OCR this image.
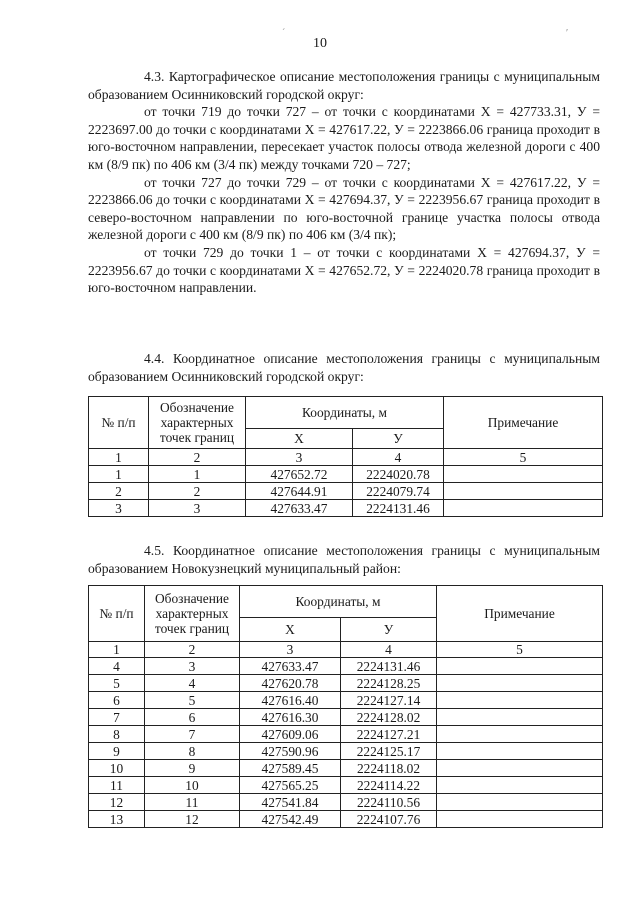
´	ʹ
10

4.3. Картографическое описание местоположения границы с муниципальным образованием Осинниковский городской округ:

от точки 719 до точки 727 – от точки с координатами X = 427733.31, У = 2223697.00 до точки с координатами X = 427617.22, У = 2223866.06 граница проходит в юго-восточном направлении, пересекает участок полосы отвода железной дороги с 400 км (8/9 пк) по 406 км (3/4 пк) между точками 720 – 727;

от точки 727 до точки 729 – от точки с координатами X = 427617.22, У = 2223866.06 до точки с координатами X = 427694.37, У = 2223956.67 граница проходит в северо-восточном направлении по юго-восточной границе участка полосы отвода железной дороги с 400 км (8/9 пк) по 406 км (3/4 пк);

от точки 729 до точки 1 – от точки с координатами X = 427694.37, У = 2223956.67 до точки с координатами X = 427652.72, У = 2224020.78 граница проходит в юго-восточном направлении.

4.4. Координатное описание местоположения границы с муниципальным образованием Осинниковский городской округ:

№ п/п	Обозначение характерных точек границ	Координаты, м		Примечание
		X	У	
1	2	3	4	5
1	1	427652.72	2224020.78	
2	2	427644.91	2224079.74	
3	3	427633.47	2224131.46	

4.5. Координатное описание местоположения границы с муниципальным образованием Новокузнецкий муниципальный район:

№ п/п	Обозначение характерных точек границ	Координаты, м		Примечание
		X	У	
1	2	3	4	5
4	3	427633.47	2224131.46	
5	4	427620.78	2224128.25	
6	5	427616.40	2224127.14	
7	6	427616.30	2224128.02	
8	7	427609.06	2224127.21	
9	8	427590.96	2224125.17	
10	9	427589.45	2224118.02	
11	10	427565.25	2224114.22	
12	11	427541.84	2224110.56	
13	12	427542.49	2224107.76	
